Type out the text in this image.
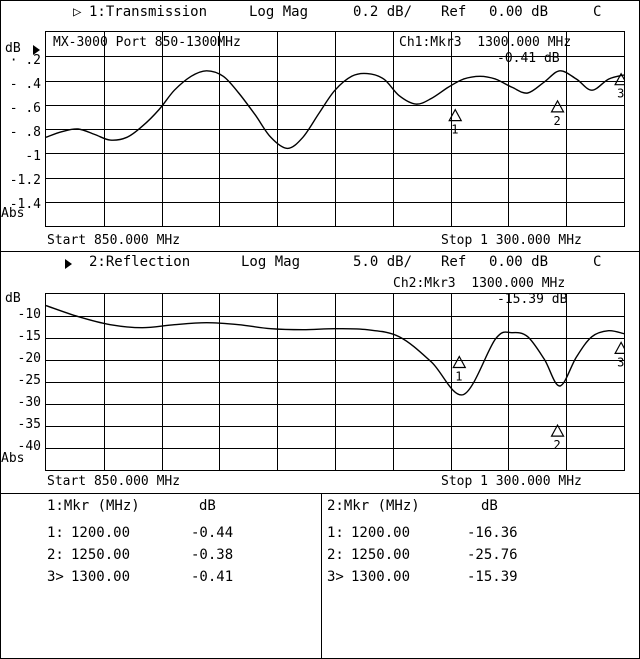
▷ 1:Transmission	Log Mag	0.2 dB/ Ref 0.00 dB	C
1
2
3
dB MX-3000 Port 850-1300MHz	Ch1:Mkr3  1300.000 MHz
-0.41 dB
· .2
- .4
- .6
- .8
-1
-1.2
-1.4
Abs
Start 850.000 MHz	Stop 1 300.000 MHz
2:Reflection	Log Mag	5.0 dB/ Ref 0.00 dB	C
1
2
3
dB
Ch2:Mkr3  1300.000 MHz
-15.39 dB
-10
-15
-20
-25
-30
-35
-40
Abs
Start 850.000 MHz	Stop 1 300.000 MHz
1:Mkr (MHz)	dB
1: 1200.00	-0.44
2: 1250.00	-0.38
3> 1300.00	-0.41
2:Mkr (MHz)	dB
1: 1200.00	-16.36
2: 1250.00	-25.76
3> 1300.00	-15.39
